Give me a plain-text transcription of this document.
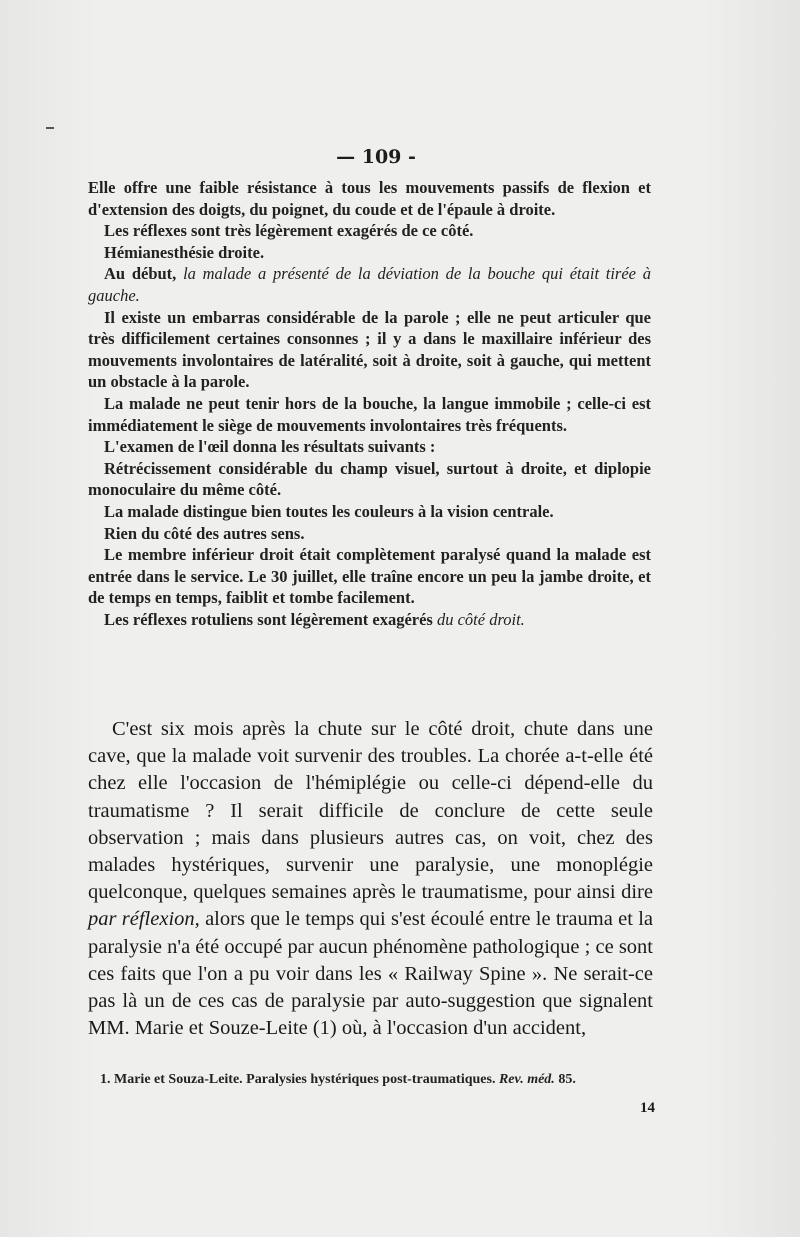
— 109 -

Elle offre une faible résistance à tous les mouvements passifs de flexion et d'extension des doigts, du poignet, du coude et de l'épaule à droite.

Les réflexes sont très légèrement exagérés de ce côté.

Hémianesthésie droite.

Au début, la malade a présenté de la déviation de la bouche qui était tirée à gauche.

Il existe un embarras considérable de la parole ; elle ne peut articuler que très difficilement certaines consonnes ; il y a dans le maxillaire inférieur des mouvements involontaires de latéralité, soit à droite, soit à gauche, qui mettent un obstacle à la parole.

La malade ne peut tenir hors de la bouche, la langue immobile ; celle-ci est immédiatement le siège de mouvements involontaires très fréquents.

L'examen de l'œil donna les résultats suivants :

Rétrécissement considérable du champ visuel, surtout à droite, et diplopie monoculaire du même côté.

La malade distingue bien toutes les couleurs à la vision centrale.

Rien du côté des autres sens.

Le membre inférieur droit était complètement paralysé quand la malade est entrée dans le service. Le 30 juillet, elle traîne encore un peu la jambe droite, et de temps en temps, faiblit et tombe facilement.

Les réflexes rotuliens sont légèrement exagérés du côté droit.

C'est six mois après la chute sur le côté droit, chute dans une cave, que la malade voit survenir des troubles. La chorée a-t-elle été chez elle l'occasion de l'hémiplégie ou celle-ci dépend-elle du traumatisme ? Il serait difficile de conclure de cette seule observation ; mais dans plusieurs autres cas, on voit, chez des malades hystériques, survenir une paralysie, une monoplégie quelconque, quelques semaines après le traumatisme, pour ainsi dire par réflexion, alors que le temps qui s'est écoulé entre le trauma et la paralysie n'a été occupé par aucun phénomène pathologique ; ce sont ces faits que l'on a pu voir dans les « Railway Spine ». Ne serait-ce pas là un de ces cas de paralysie par auto-suggestion que signalent MM. Marie et Souze-Leite (1) où, à l'occasion d'un accident,

1. Marie et Souza-Leite. Paralysies hystériques post-traumatiques. Rev. méd. 85.
14
